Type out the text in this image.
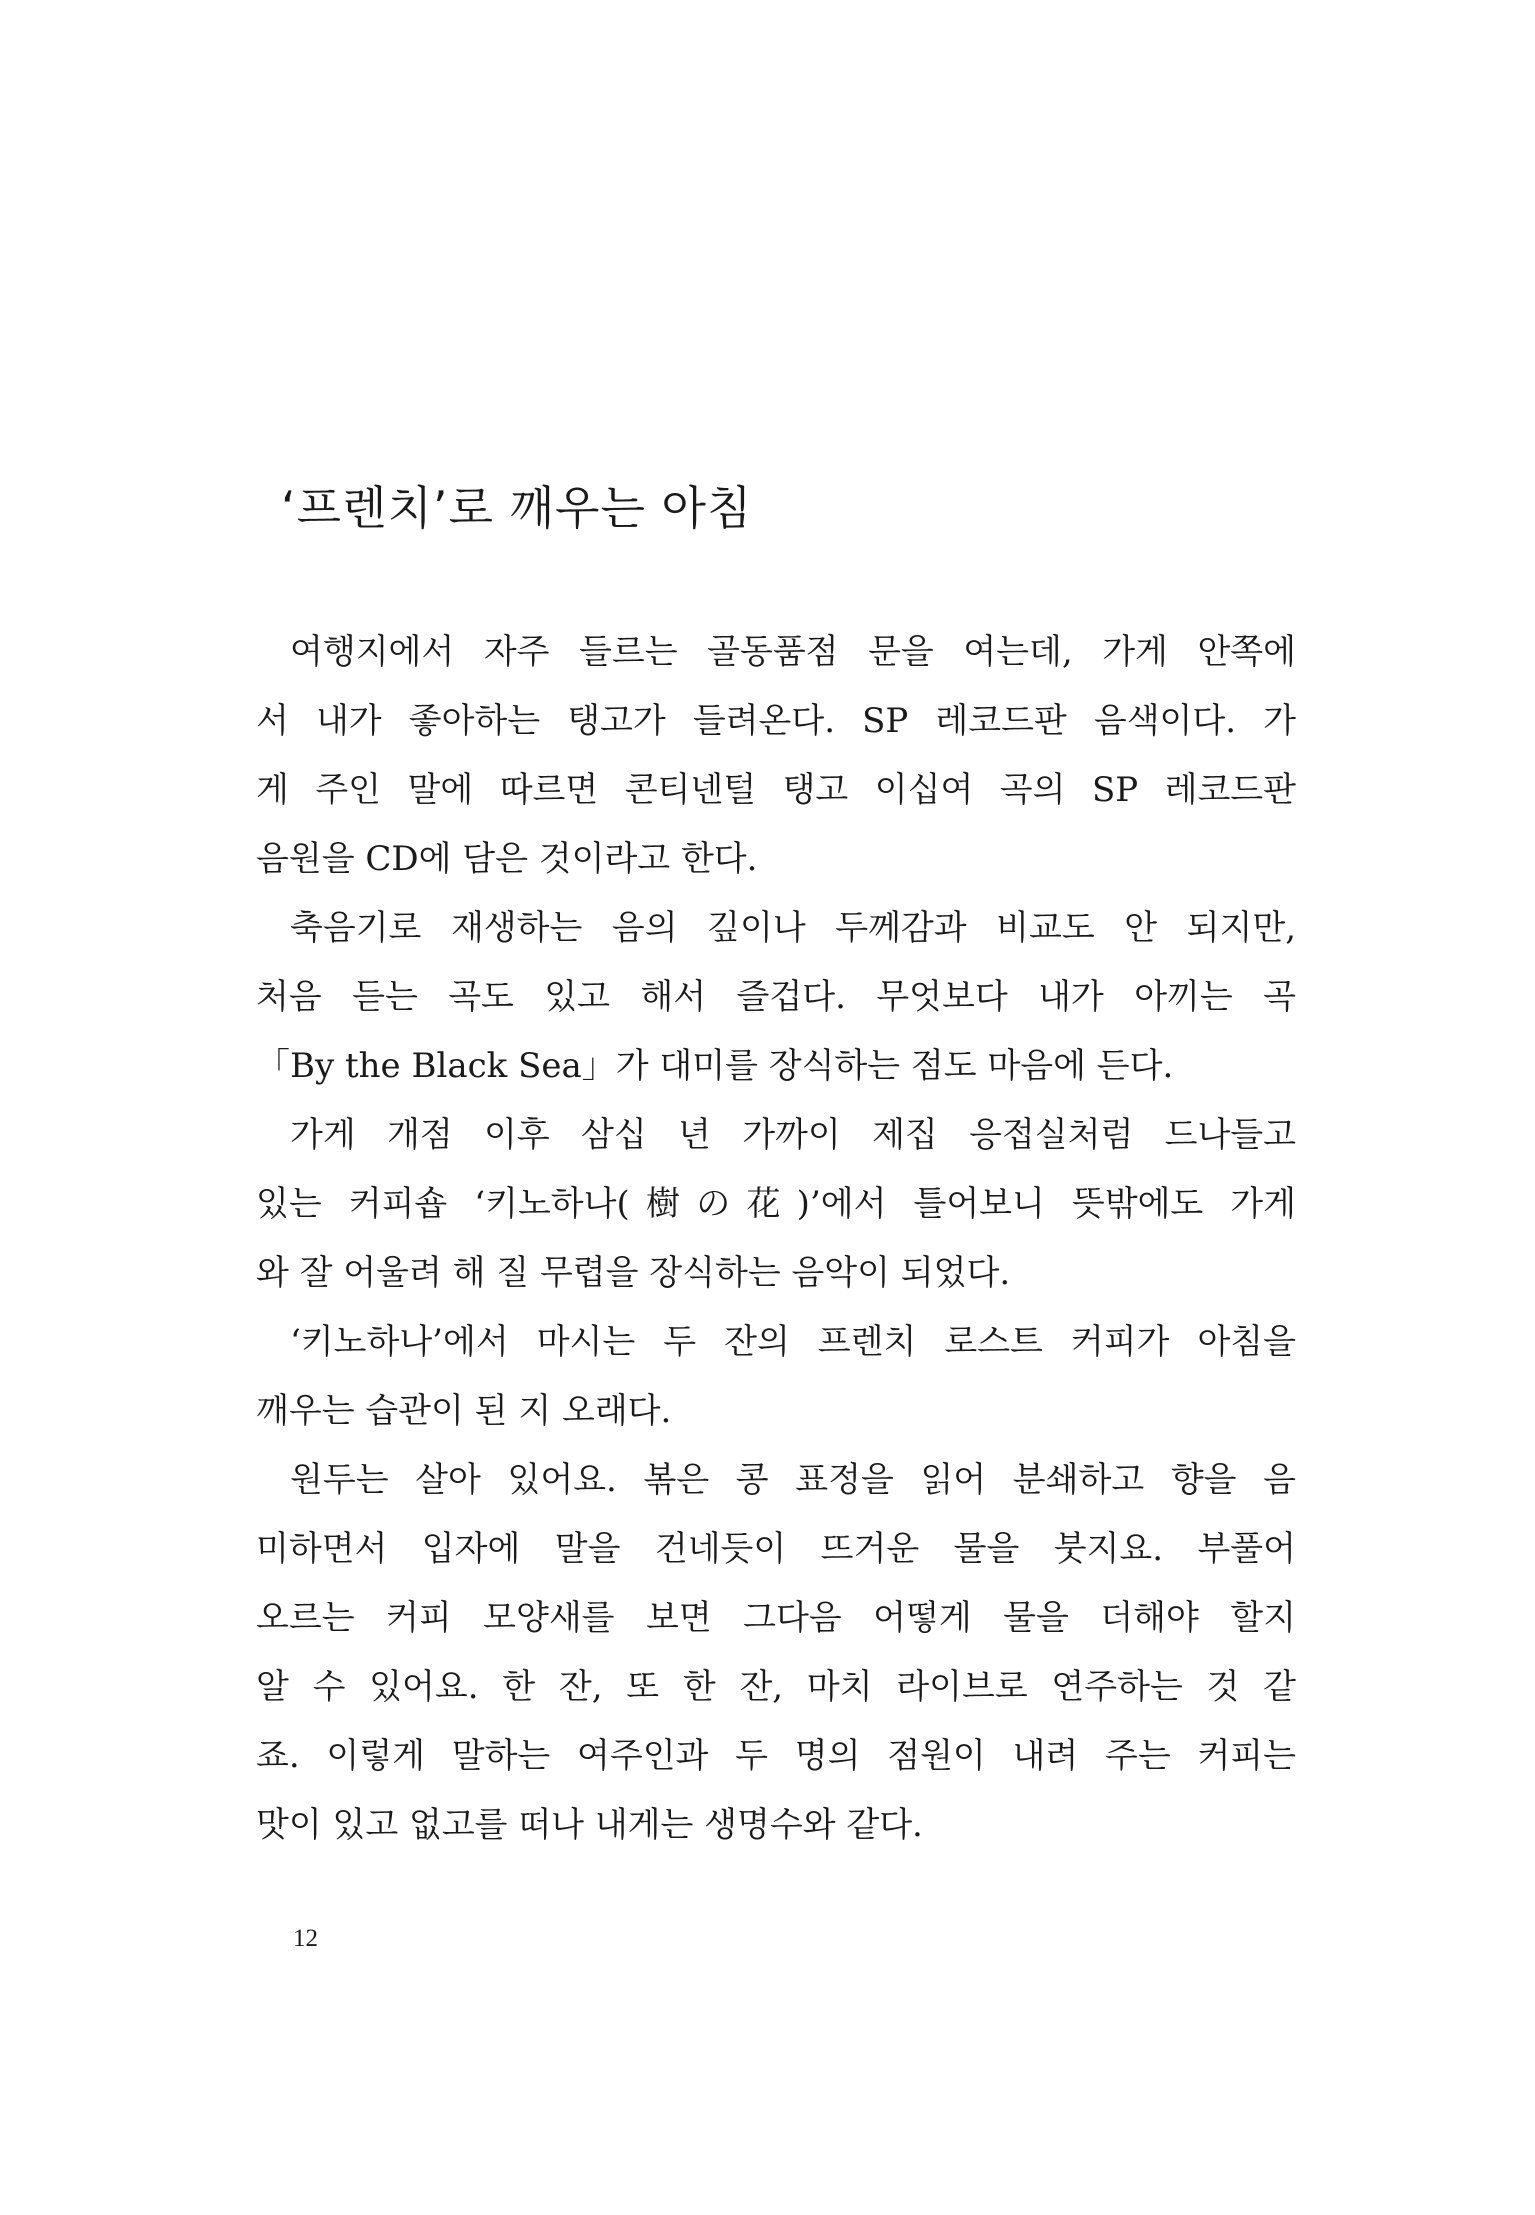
‘프렌치’로 깨우는 아침
여행지에서 자주 들르는 골동품점 문을 여는데, 가게 안쪽에
서 내가 좋아하는 탱고가 들려온다. SP 레코드판 음색이다. 가
게 주인 말에 따르면 콘티넨털 탱고 이십여 곡의 SP 레코드판
음원을 CD에 담은 것이라고 한다.
축음기로 재생하는 음의 깊이나 두께감과 비교도 안 되지만,
처음 듣는 곡도 있고 해서 즐겁다. 무엇보다 내가 아끼는 곡
「By the Black Sea」가 대미를 장식하는 점도 마음에 든다.
가게 개점 이후 삼십 년 가까이 제집 응접실처럼 드나들고
있는 커피숍 ‘키노하나(樹の花)’에서 틀어보니 뜻밖에도 가게
와 잘 어울려 해 질 무렵을 장식하는 음악이 되었다.
‘키노하나’에서 마시는 두 잔의 프렌치 로스트 커피가 아침을
깨우는 습관이 된 지 오래다.
원두는 살아 있어요. 볶은 콩 표정을 읽어 분쇄하고 향을 음
미하면서 입자에 말을 건네듯이 뜨거운 물을 붓지요. 부풀어
오르는 커피 모양새를 보면 그다음 어떻게 물을 더해야 할지
알 수 있어요. 한 잔, 또 한 잔, 마치 라이브로 연주하는 것 같
죠. 이렇게 말하는 여주인과 두 명의 점원이 내려 주는 커피는
맛이 있고 없고를 떠나 내게는 생명수와 같다.
12
